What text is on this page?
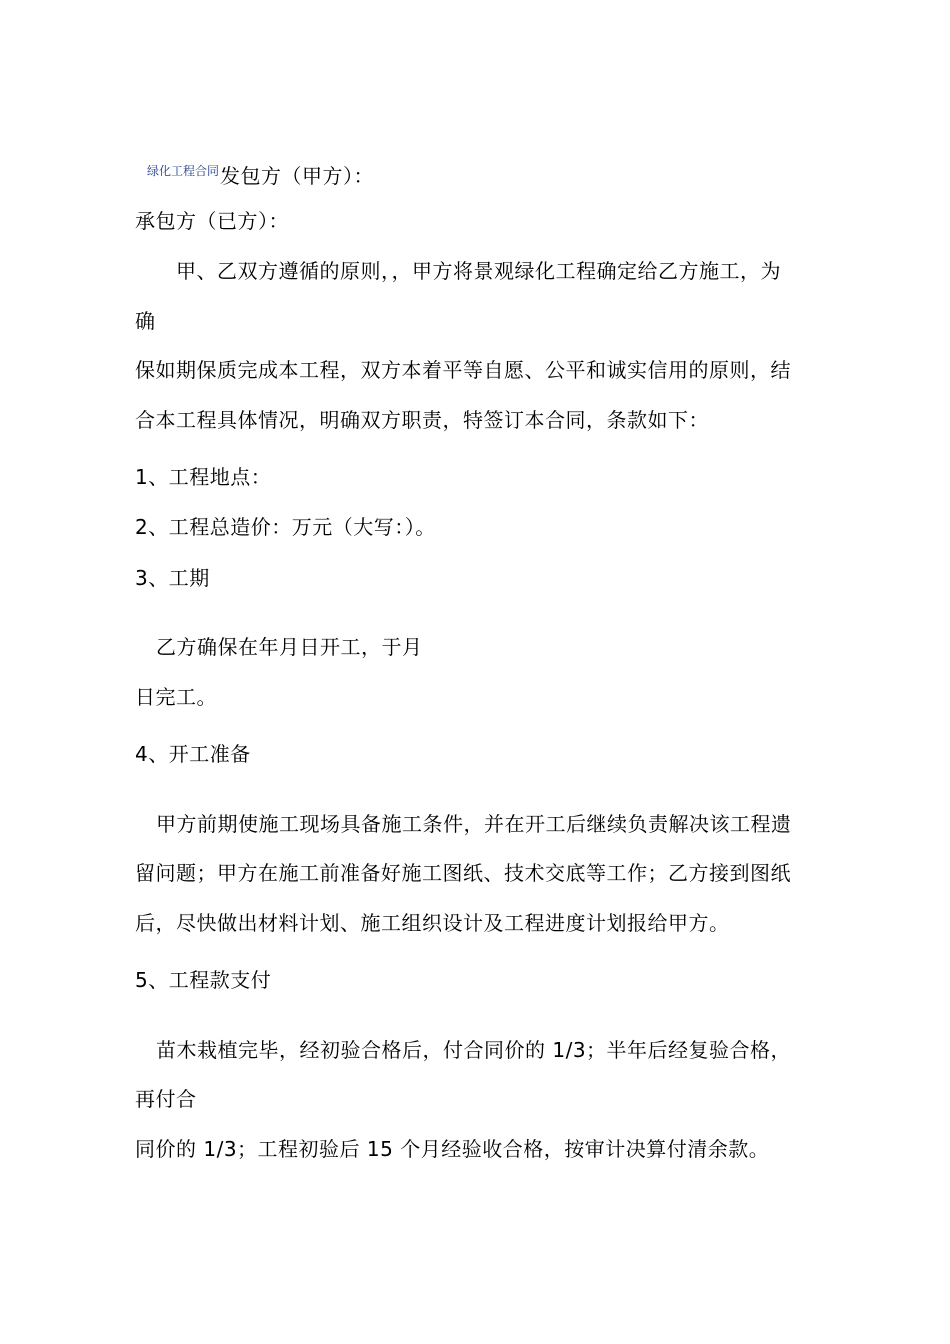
$^{绿化工程合同}$发包方（甲方）：
承包方（已方）：
甲、乙双方遵循的原则，，甲方将景观绿化工程确定给乙方施工，为
确
保如期保质完成本工程，双方本着平等自愿、公平和诚实信用的原则，结
合本工程具体情况，明确双方职责，特签订本合同，条款如下：
1、工程地点：
2、工程总造价：万元（大写：）。
3、工期
乙方确保在年月日开工，于月
日完工。
4、开工准备
甲方前期使施工现场具备施工条件，并在开工后继续负责解决该工程遗
留问题；甲方在施工前准备好施工图纸、技术交底等工作；乙方接到图纸
后，尽快做出材料计划、施工组织设计及工程进度计划报给甲方。
5、工程款支付
苗木栽植完毕，经初验合格后，付合同价的 1/3；半年后经复验合格，
再付合
同价的 1/3；工程初验后 15 个月经验收合格，按审计决算付清余款。
